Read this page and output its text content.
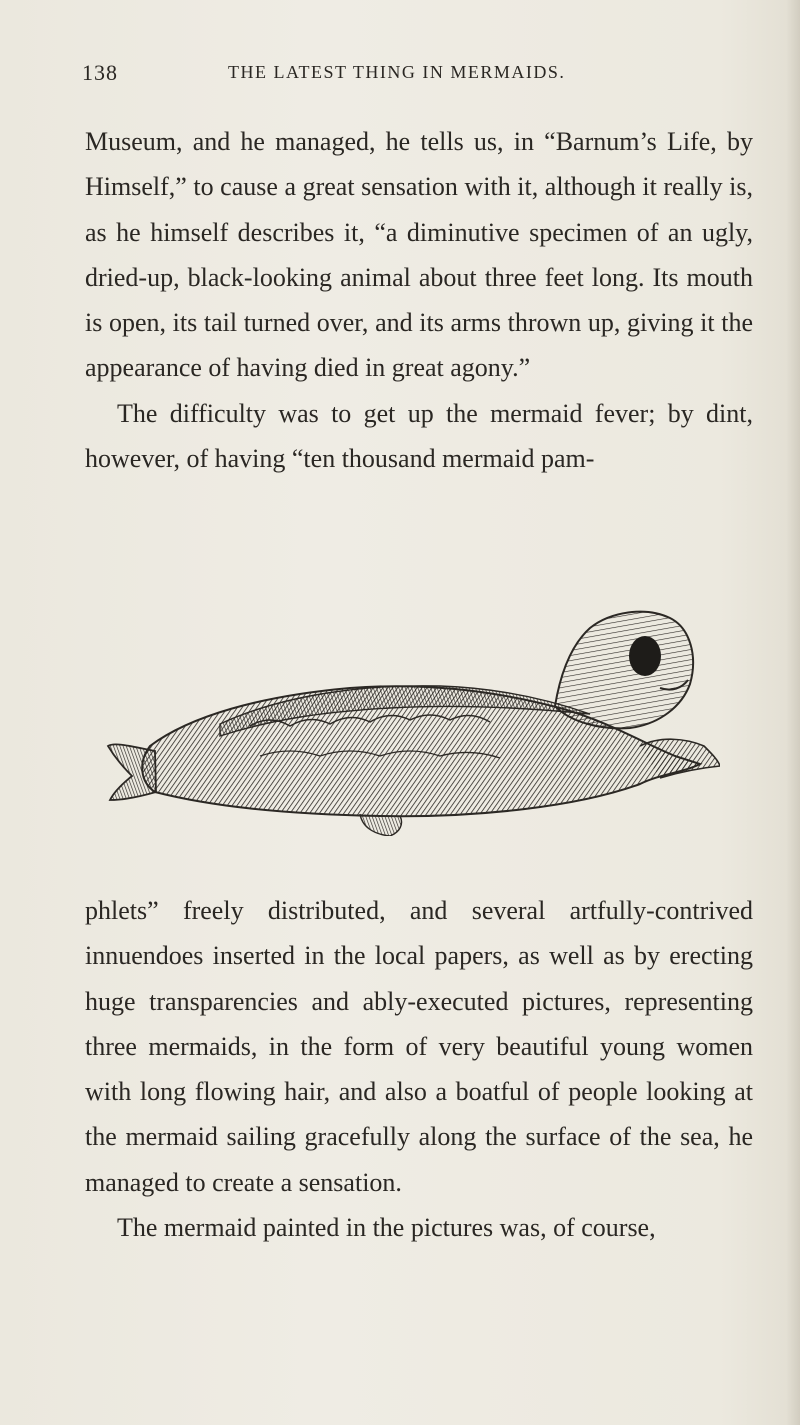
138	THE LATEST THING IN MERMAIDS.

Museum, and he managed, he tells us, in “Barnum’s Life, by Himself,” to cause a great sensation with it, although it really is, as he himself describes it, “a diminutive specimen of an ugly, dried-up, black-looking animal about three feet long. Its mouth is open, its tail turned over, and its arms thrown up, giving it the appearance of having died in great agony.”

The difficulty was to get up the mermaid fever; by dint, however, of having “ten thousand mermaid pam-

phlets” freely distributed, and several artfully-contrived innuendoes inserted in the local papers, as well as by erecting huge transparencies and ably-executed pictures, representing three mermaids, in the form of very beautiful young women with long flowing hair, and also a boatful of people looking at the mermaid sailing gracefully along the surface of the sea, he managed to create a sensation.

The mermaid painted in the pictures was, of course,
